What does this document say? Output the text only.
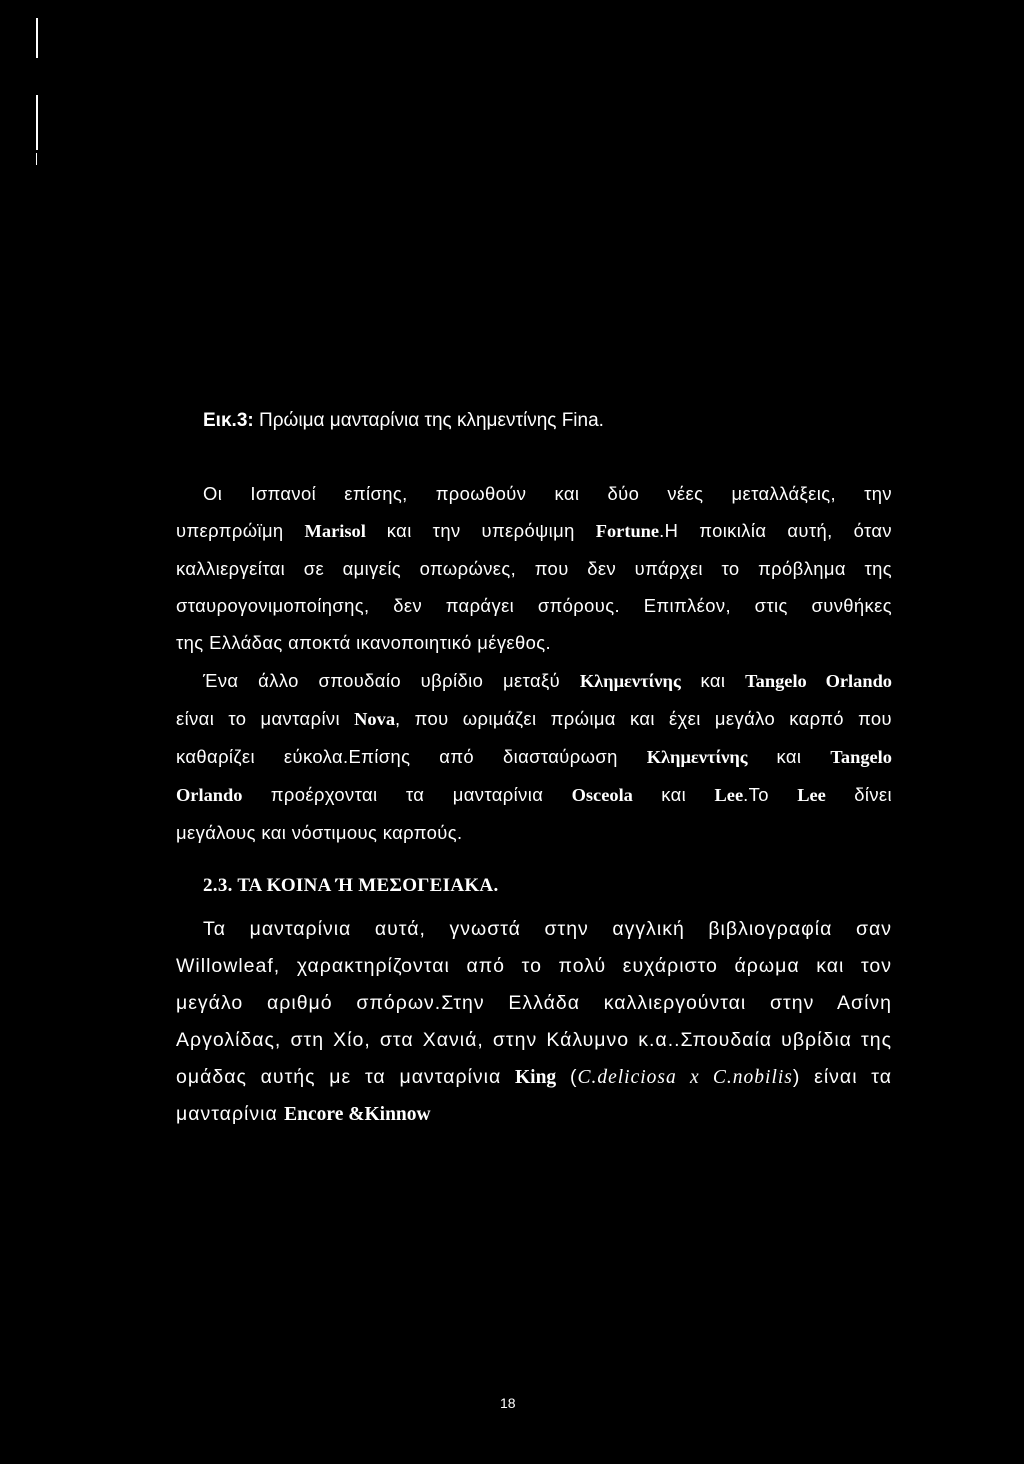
Εικ.3: Πρώιμα μανταρίνια της κλημεντίνης Fina.
Οι Ισπανοί επίσης, προωθούν και δύο νέες μεταλλάξεις, την
υπερπρώϊμη Marisol και την υπερόψιμη Fortune.Η ποικιλία αυτή, όταν
καλλιεργείται σε αμιγείς οπωρώνες, που δεν υπάρχει το πρόβλημα της
σταυρογονιμοποίησης, δεν παράγει σπόρους. Επιπλέον, στις συνθήκες
της Ελλάδας αποκτά ικανοποιητικό μέγεθος.
Ένα άλλο σπουδαίο υβρίδιο μεταξύ Κλημεντίνης και Tangelo Orlando
είναι το μανταρίνι Nova, που ωριμάζει πρώιμα και έχει μεγάλο καρπό που
καθαρίζει εύκολα.Επίσης από διασταύρωση Κλημεντίνης και Tangelo
Orlando προέρχονται τα μανταρίνια Osceola και Lee.Το Lee δίνει
μεγάλους και νόστιμους καρπούς.
2.3. ΤΑ ΚΟΙΝΑ Ή ΜΕΣΟΓΕΙΑΚΑ.
Τα μανταρίνια αυτά, γνωστά στην αγγλική βιβλιογραφία σαν
Willowleaf, χαρακτηρίζονται από το πολύ ευχάριστο άρωμα και τον
μεγάλο αριθμό σπόρων.Στην Ελλάδα καλλιεργούνται στην Ασίνη
Αργολίδας, στη Χίο, στα Χανιά, στην Κάλυμνο κ.α..Σπουδαία υβρίδια της
ομάδας αυτής με τα μανταρίνια King (C.deliciosa x C.nobilis) είναι τα
μανταρίνια Encore &Kinnow
18
